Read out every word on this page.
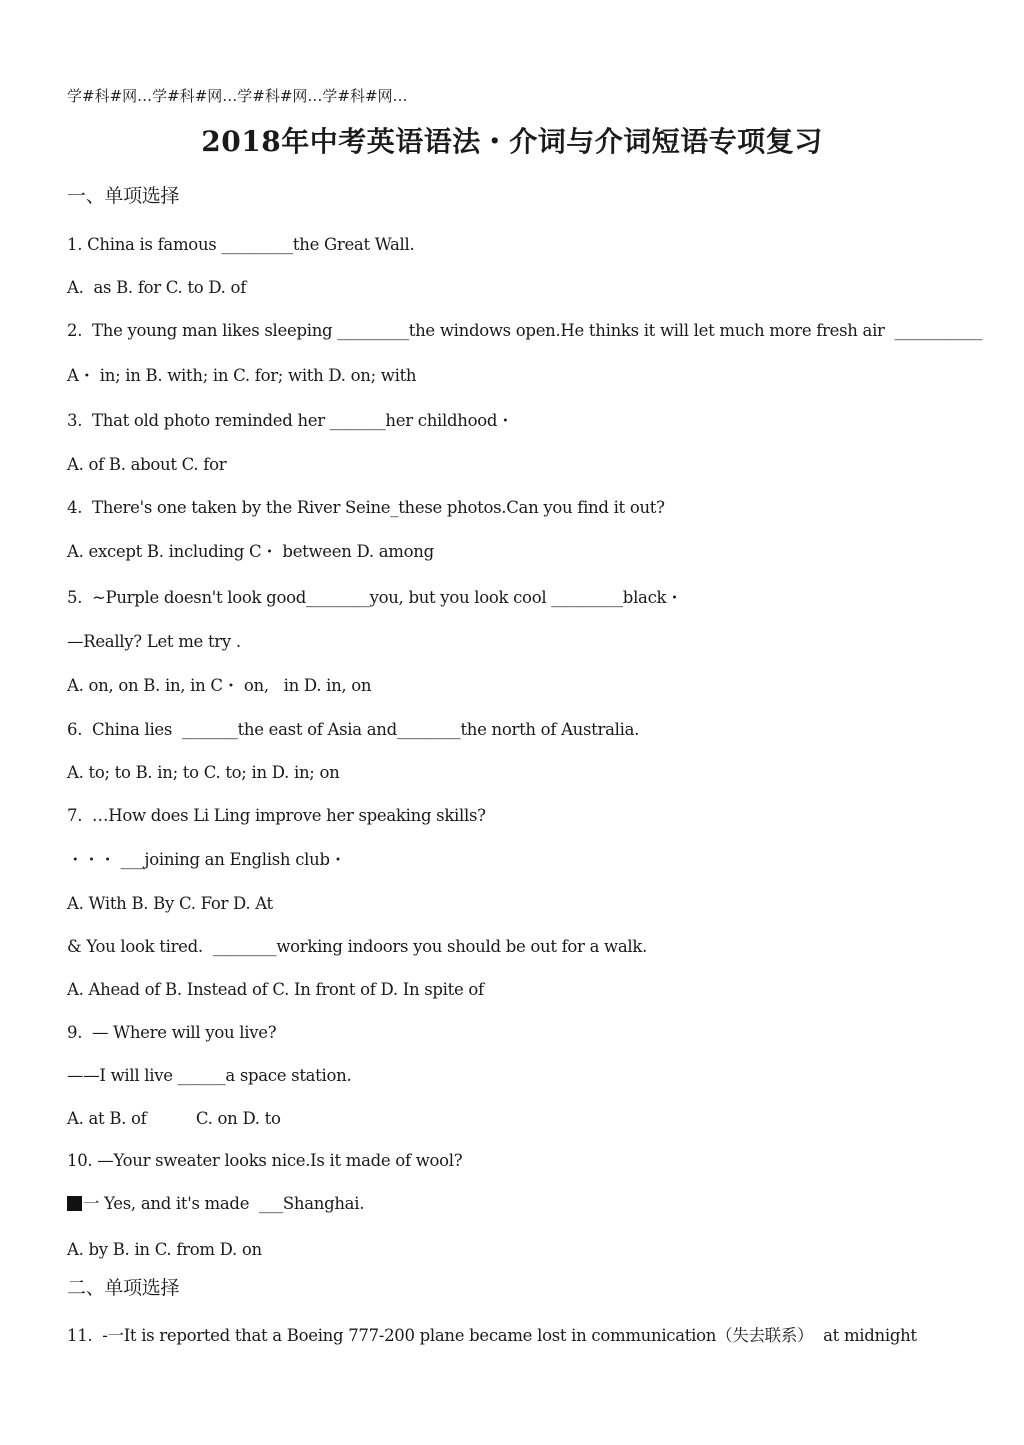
学#科#网…学#科#网…学#科#网…学#科#网…
2018年中考英语语法・介词与介词短语专项复习
一、单项选择
1. China is famous _________the Great Wall.
A.  as B. for C. to D. of
2.  The young man likes sleeping _________the windows open.He thinks it will let much more fresh air  ___________
A・ in; in B. with; in C. for; with D. on; with
3.  That old photo reminded her _______her childhood・
A. of B. about C. for
4.  There's one taken by the River Seine_these photos.Can you find it out?
A. except B. including C・ between D. among
5.  ~Purple doesn't look good________you, but you look cool _________black・
—Really? Let me try .
A. on, on B. in, in C・ on,   in D. in, on
6.  China lies  _______the east of Asia and________the north of Australia.
A. to; to B. in; to C. to; in D. in; on
7.  …How does Li Ling improve her speaking skills?
・・・ ___joining an English club・
A. With B. By C. For D. At
& You look tired.  ________working indoors you should be out for a walk.
A. Ahead of B. Instead of C. In front of D. In spite of
9.  — Where will you live?
——I will live ______a space station.
A. at B. of          C. on D. to
10. —Your sweater looks nice.Is it made of wool?
一 Yes, and it's made  ___Shanghai.
A. by B. in C. from D. on
二、单项选择
11.  -一It is reported that a Boeing 777-200 plane became lost in communication（失去联系）  at midnight
